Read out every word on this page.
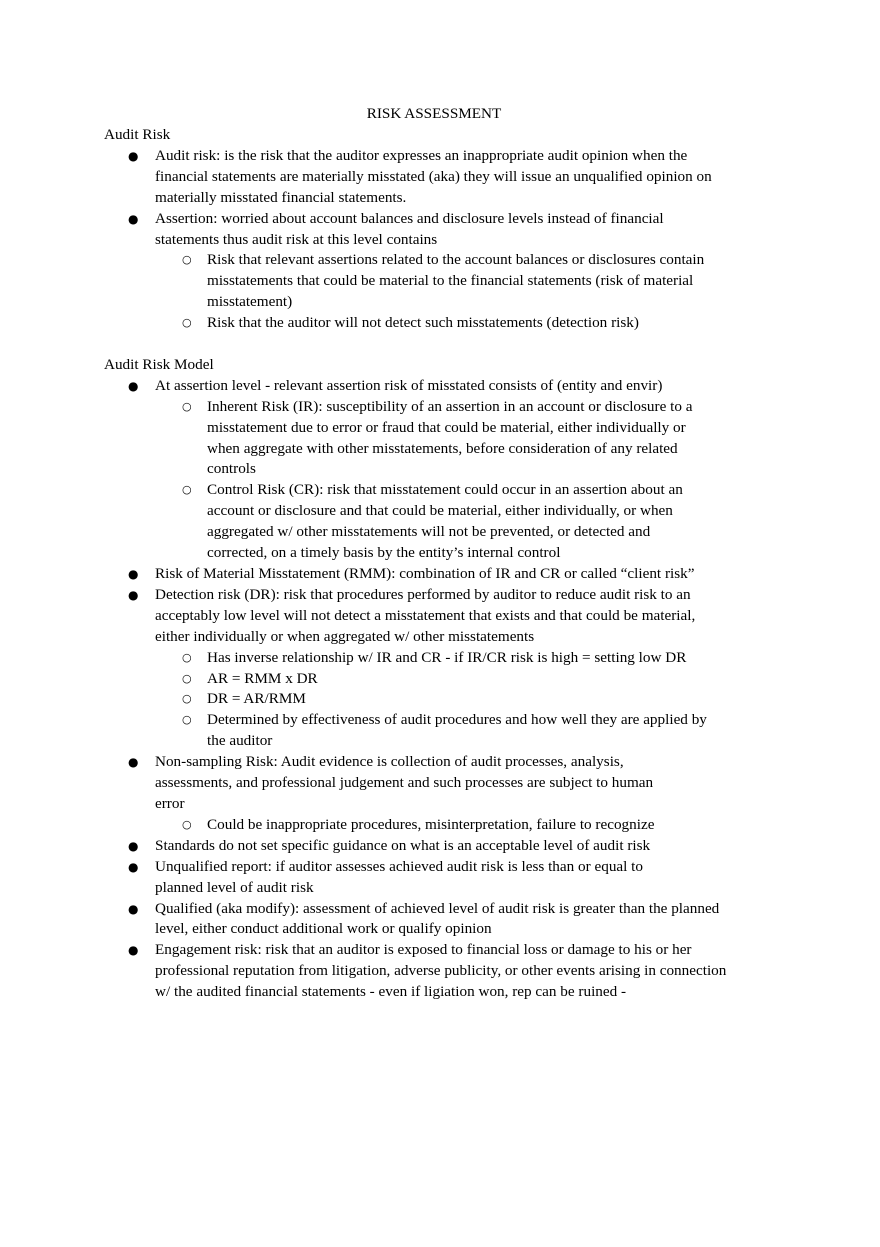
RISK ASSESSMENT

Audit Risk

● Audit risk: is the risk that the auditor expresses an inappropriate audit opinion when the financial statements are materially misstated (aka) they will issue an unqualified opinion on materially misstated financial statements.
● Assertion: worried about account balances and disclosure levels instead of financial statements thus audit risk at this level contains
○ Risk that relevant assertions related to the account balances or disclosures contain misstatements that could be material to the financial statements (risk of material misstatement)
○ Risk that the auditor will not detect such misstatements (detection risk)

Audit Risk Model

● At assertion level - relevant assertion risk of misstated consists of (entity and envir)
○ Inherent Risk (IR): susceptibility of an assertion in an account or disclosure to a misstatement due to error or fraud that could be material, either individually or when aggregate with other misstatements, before consideration of any related controls
○ Control Risk (CR): risk that misstatement could occur in an assertion about an account or disclosure and that could be material, either individually, or when aggregated w/ other misstatements will not be prevented, or detected and corrected, on a timely basis by the entity’s internal control
● Risk of Material Misstatement (RMM): combination of IR and CR or called “client risk”
● Detection risk (DR): risk that procedures performed by auditor to reduce audit risk to an acceptably low level will not detect a misstatement that exists and that could be material, either individually or when aggregated w/ other misstatements
○ Has inverse relationship w/ IR and CR - if IR/CR risk is high = setting low DR
○ AR = RMM x DR
○ DR = AR/RMM
○ Determined by effectiveness of audit procedures and how well they are applied by the auditor
● Non-sampling Risk: Audit evidence is collection of audit processes, analysis, assessments, and professional judgement and such processes are subject to human error
○ Could be inappropriate procedures, misinterpretation, failure to recognize
● Standards do not set specific guidance on what is an acceptable level of audit risk
● Unqualified report: if auditor assesses achieved audit risk is less than or equal to planned level of audit risk
● Qualified (aka modify): assessment of achieved level of audit risk is greater than the planned level, either conduct additional work or qualify opinion
● Engagement risk: risk that an auditor is exposed to financial loss or damage to his or her professional reputation from litigation, adverse publicity, or other events arising in connection w/ the audited financial statements - even if ligiation won, rep can be ruined -
